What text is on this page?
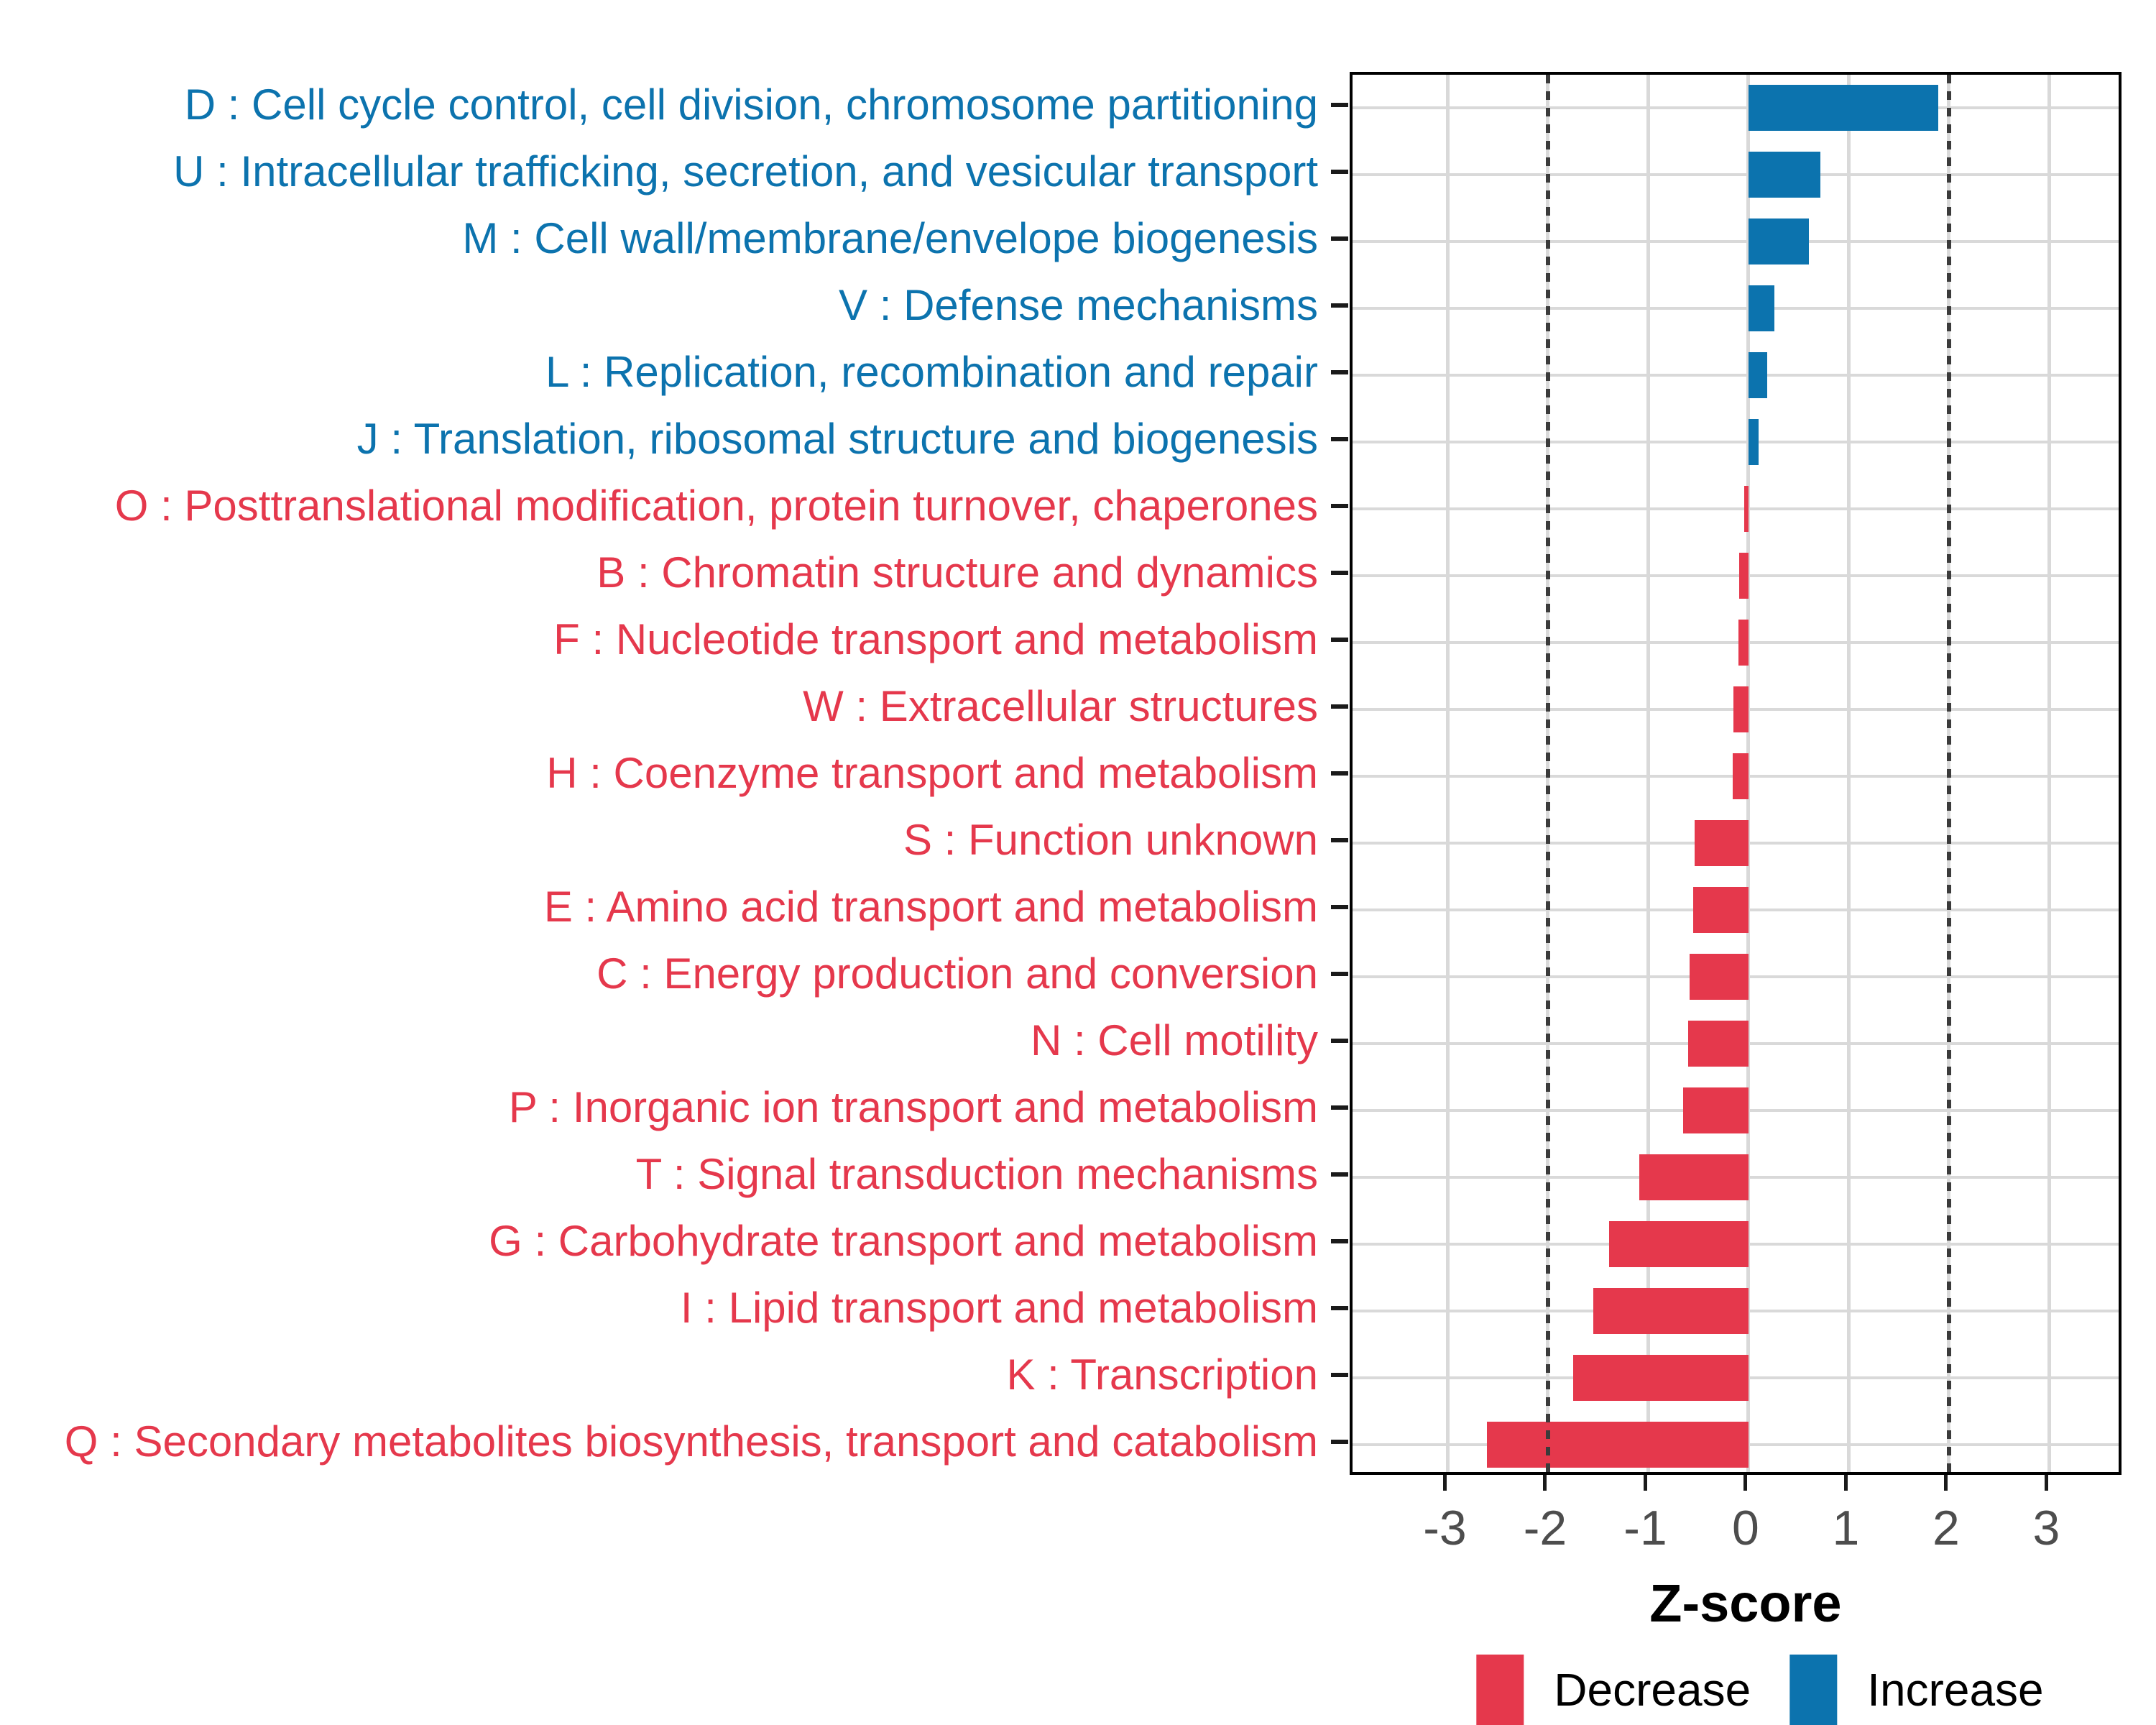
Z-score
Decrease	Increase
D : Cell cycle control, cell division, chromosome partitioning
U : Intracellular trafficking, secretion, and vesicular transport
M : Cell wall/membrane/envelope biogenesis
V : Defense mechanisms
L : Replication, recombination and repair
J : Translation, ribosomal structure and biogenesis
O : Posttranslational modification, protein turnover, chaperones
B : Chromatin structure and dynamics
F : Nucleotide transport and metabolism
W : Extracellular structures
H : Coenzyme transport and metabolism
S : Function unknown
E : Amino acid transport and metabolism
C : Energy production and conversion
N : Cell motility
P : Inorganic ion transport and metabolism
T : Signal transduction mechanisms
G : Carbohydrate transport and metabolism
I : Lipid transport and metabolism
K : Transcription
Q : Secondary metabolites biosynthesis, transport and catabolism
-3 -2 -1 0 1 2 3
